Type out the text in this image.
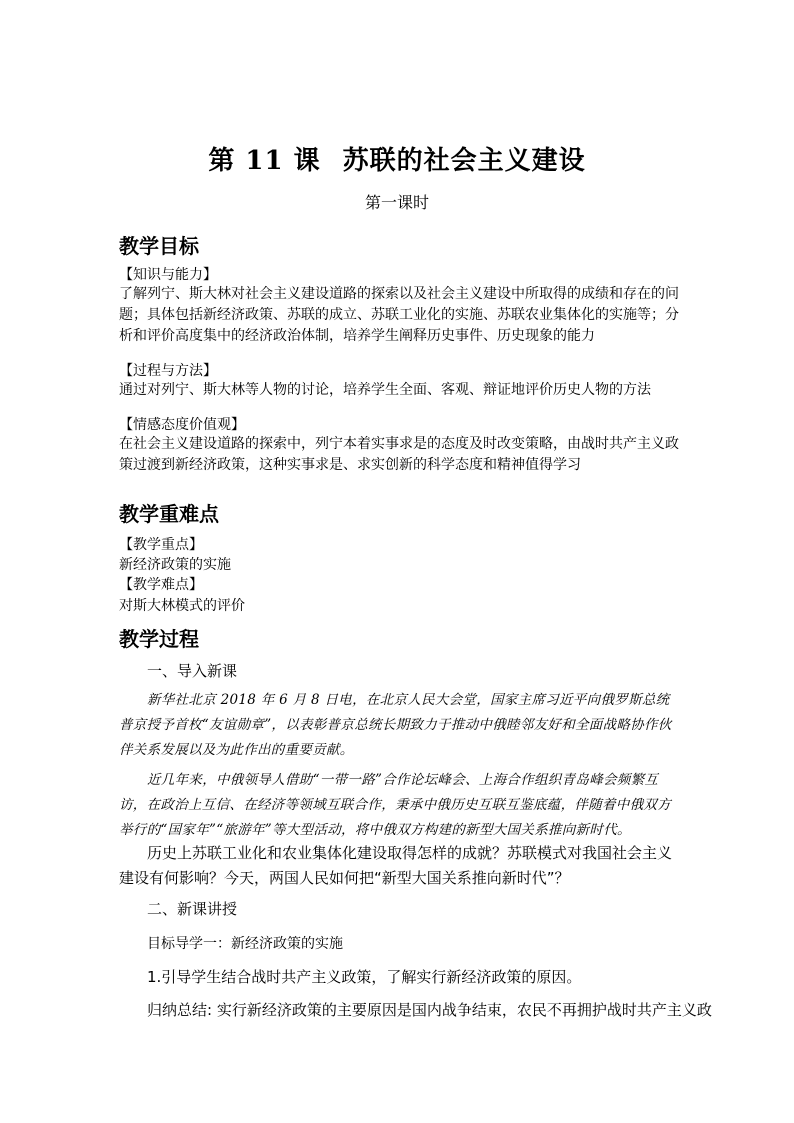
第 11 课 苏联的社会主义建设
第一课时
教学目标
【知识与能力】
了解列宁、斯大林对社会主义建设道路的探索以及社会主义建设中所取得的成绩和存在的问题；具体包括新经济政策、苏联的成立、苏联工业化的实施、苏联农业集体化的实施等；分析和评价高度集中的经济政治体制，培养学生阐释历史事件、历史现象的能力
【过程与方法】
通过对列宁、斯大林等人物的讨论，培养学生全面、客观、辩证地评价历史人物的方法
【情感态度价值观】
在社会主义建设道路的探索中，列宁本着实事求是的态度及时改变策略，由战时共产主义政策过渡到新经济政策，这种实事求是、求实创新的科学态度和精神值得学习
教学重难点
【教学重点】
新经济政策的实施
【教学难点】
对斯大林模式的评价
教学过程
一、导入新课
新华社北京 2018 年 6 月 8 日电，在北京人民大会堂，国家主席习近平向俄罗斯总统普京授予首枚“友谊勋章”，以表彰普京总统长期致力于推动中俄睦邻友好和全面战略协作伙伴关系发展以及为此作出的重要贡献。
近几年来，中俄领导人借助“一带一路”合作论坛峰会、上海合作组织青岛峰会频繁互访，在政治上互信、在经济等领域互联合作，秉承中俄历史互联互鉴底蕴，伴随着中俄双方举行的“国家年”“旅游年”等大型活动，将中俄双方构建的新型大国关系推向新时代。
历史上苏联工业化和农业集体化建设取得怎样的成就？苏联模式对我国社会主义建设有何影响？今天，两国人民如何把“新型大国关系推向新时代”？
二、新课讲授
目标导学一：新经济政策的实施
1.引导学生结合战时共产主义政策，了解实行新经济政策的原因。
归纳总结: 实行新经济政策的主要原因是国内战争结束，农民不再拥护战时共产主义政
